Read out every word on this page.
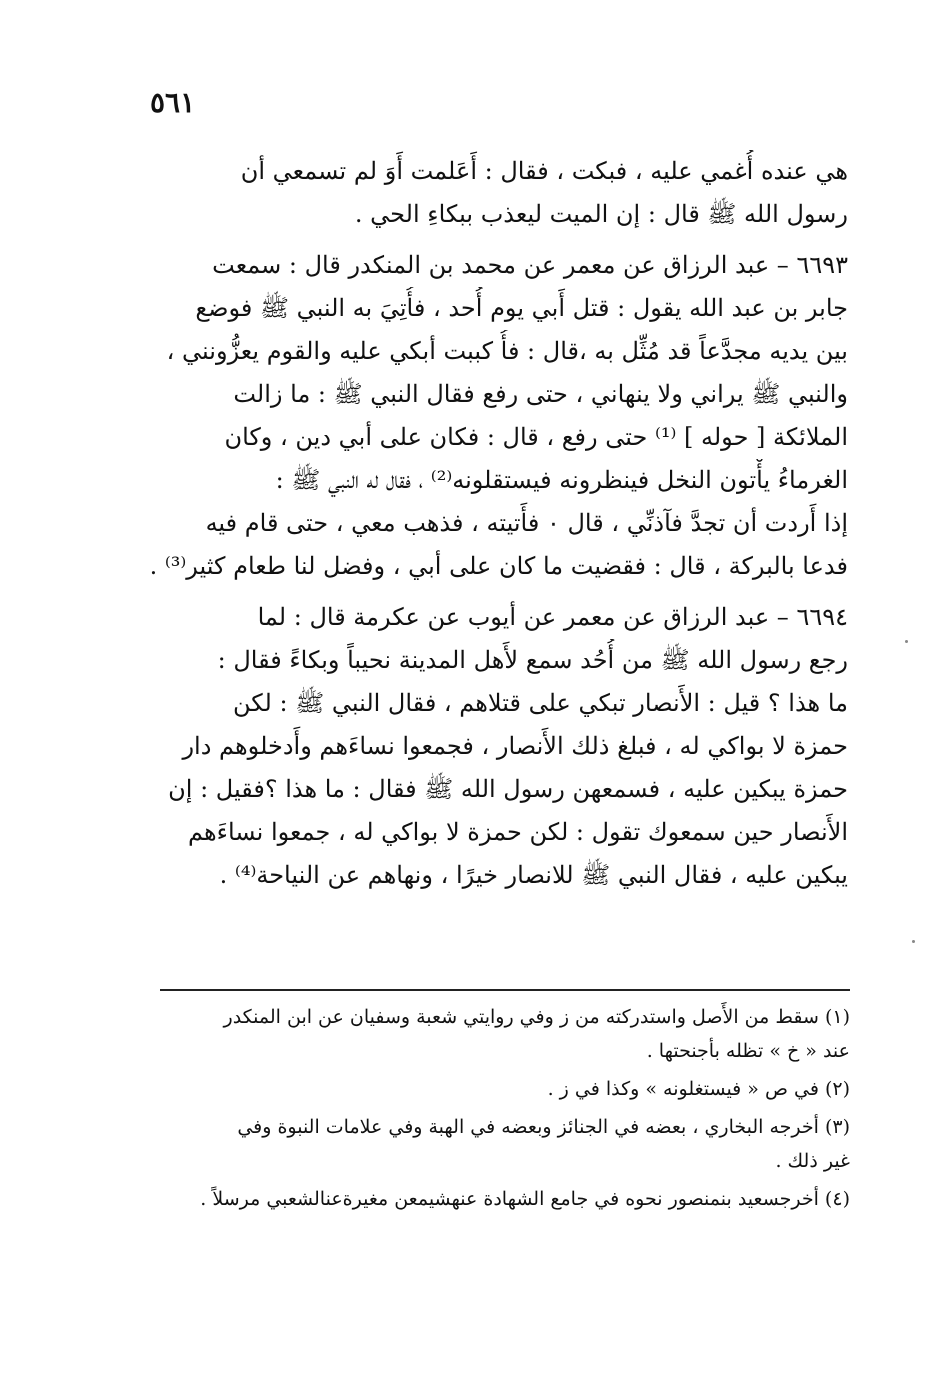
٥٦١
هي عنده أُغمي عليه ، فبكت ، فقال : أَعَلمت أَوَ لم تسمعي أن
رسول الله ﷺ قال : إن الميت ليعذب ببكاءِ الحي .
٦٦٩٣ – عبد الرزاق عن معمر عن محمد بن المنكدر قال : سمعت
جابر بن عبد الله يقول : قتل أَبي يوم أُحد ، فأُتِيَ به النبي ﷺ فوضع
بين يديه مجدَّعاً قد مُثِّل به ،قال : فأُ كببت أبكي عليه والقوم يعزُّونني ،
والنبي ﷺ يراني ولا ينهاني ، حتى رفع فقال النبي ﷺ : ما زالت
الملائكة [ حوله ] ⁽¹⁾ حتى رفع ، قال : فكان على أبي دين ، وكان
الغرماءُ يأْتون النخل فينظرونه فيستقلونه⁽²⁾ ، فقال له النبي ﷺ :
إذا أَردت أن تجدَّ فآذنِّي ، قال ٠ فأَتيته ، فذهب معي ، حتى قام فيه
فدعا بالبركة ، قال : فقضيت ما كان على أبي ، وفضل لنا طعام كثير⁽³⁾ .
٦٦٩٤ – عبد الرزاق عن معمر عن أيوب عن عكرمة قال : لما
رجع رسول الله ﷺ من أُحُد سمع لأَهل المدينة نحيباً وبكاءً فقال :
ما هذا ؟ قيل : الأَنصار تبكي على قتلاهم ، فقال النبي ﷺ : لكن
حمزة لا بواكي له ، فبلغ ذلك الأَنصار ، فجمعوا نساءَهم وأَدخلوهم دار
حمزة يبكين عليه ، فسمعهن رسول الله ﷺ فقال : ما هذا ؟فقيل : إن
الأَنصار حين سمعوك تقول : لكن حمزة لا بواكي له ، جمعوا نساءَهم
يبكين عليه ، فقال النبي ﷺ للانصار خيرًا ، ونهاهم عن النياحة⁽⁴⁾ .
(١) سقط من الأَصل واستدركته من ز وفي روايتي شعبة وسفيان عن ابن المنكدر
عند « خ » تظله بأجنحتها .
(٢) في ص « فيستغلونه » وكذا في ز .
(٣) أخرجه البخاري ، بعضه في الجنائز وبعضه في الهبة وفي علامات النبوة وفي
غير ذلك .
(٤) أخرجسعيد بنمنصور نحوه في جامع الشهادة عنهشيمعن مغيرةعنالشعبي مرسلاً .
